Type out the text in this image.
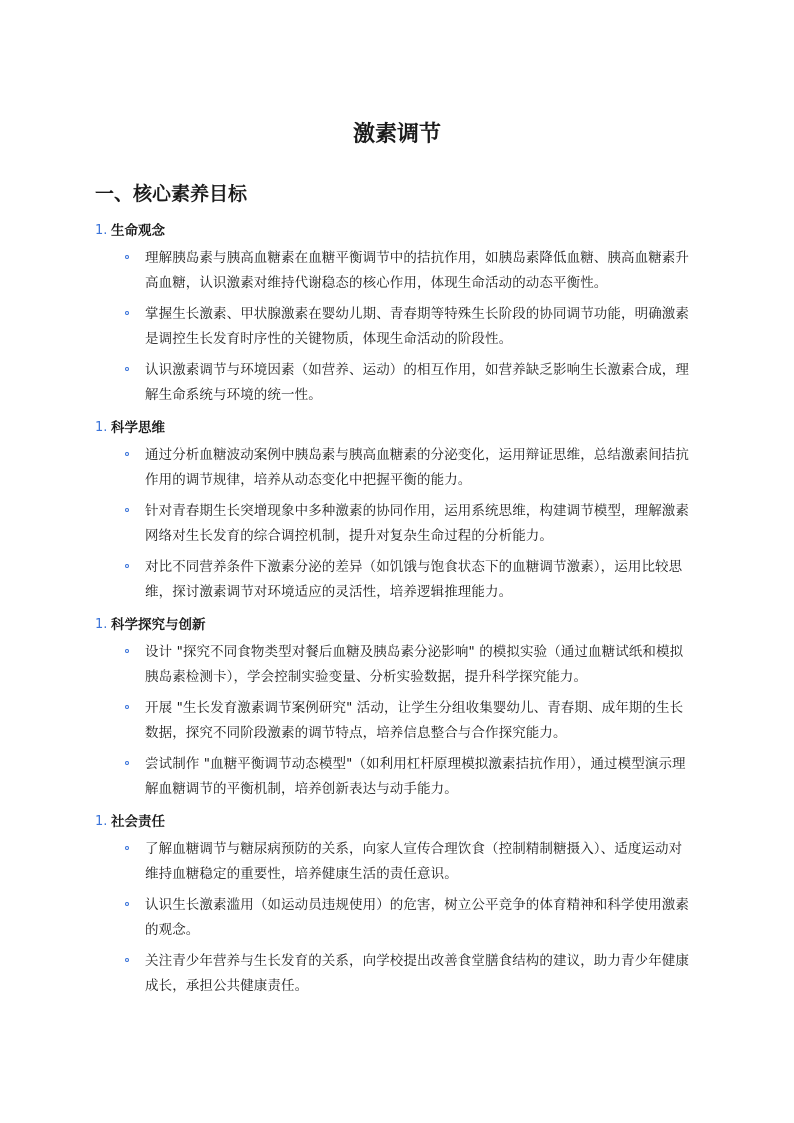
激素调节
一、核心素养目标
1. 生命观念
理解胰岛素与胰高血糖素在血糖平衡调节中的拮抗作用，如胰岛素降低血糖、胰高血糖素升高血糖，认识激素对维持代谢稳态的核心作用，体现生命活动的动态平衡性。
掌握生长激素、甲状腺激素在婴幼儿期、青春期等特殊生长阶段的协同调节功能，明确激素是调控生长发育时序性的关键物质，体现生命活动的阶段性。
认识激素调节与环境因素（如营养、运动）的相互作用，如营养缺乏影响生长激素合成，理解生命系统与环境的统一性。
1. 科学思维
通过分析血糖波动案例中胰岛素与胰高血糖素的分泌变化，运用辩证思维，总结激素间拮抗作用的调节规律，培养从动态变化中把握平衡的能力。
针对青春期生长突增现象中多种激素的协同作用，运用系统思维，构建调节模型，理解激素网络对生长发育的综合调控机制，提升对复杂生命过程的分析能力。
对比不同营养条件下激素分泌的差异（如饥饿与饱食状态下的血糖调节激素），运用比较思维，探讨激素调节对环境适应的灵活性，培养逻辑推理能力。
1. 科学探究与创新
设计 "探究不同食物类型对餐后血糖及胰岛素分泌影响" 的模拟实验（通过血糖试纸和模拟胰岛素检测卡），学会控制实验变量、分析实验数据，提升科学探究能力。
开展 "生长发育激素调节案例研究" 活动，让学生分组收集婴幼儿、青春期、成年期的生长数据，探究不同阶段激素的调节特点，培养信息整合与合作探究能力。
尝试制作 "血糖平衡调节动态模型"（如利用杠杆原理模拟激素拮抗作用），通过模型演示理解血糖调节的平衡机制，培养创新表达与动手能力。
1. 社会责任
了解血糖调节与糖尿病预防的关系，向家人宣传合理饮食（控制精制糖摄入）、适度运动对维持血糖稳定的重要性，培养健康生活的责任意识。
认识生长激素滥用（如运动员违规使用）的危害，树立公平竞争的体育精神和科学使用激素的观念。
关注青少年营养与生长发育的关系，向学校提出改善食堂膳食结构的建议，助力青少年健康成长，承担公共健康责任。
